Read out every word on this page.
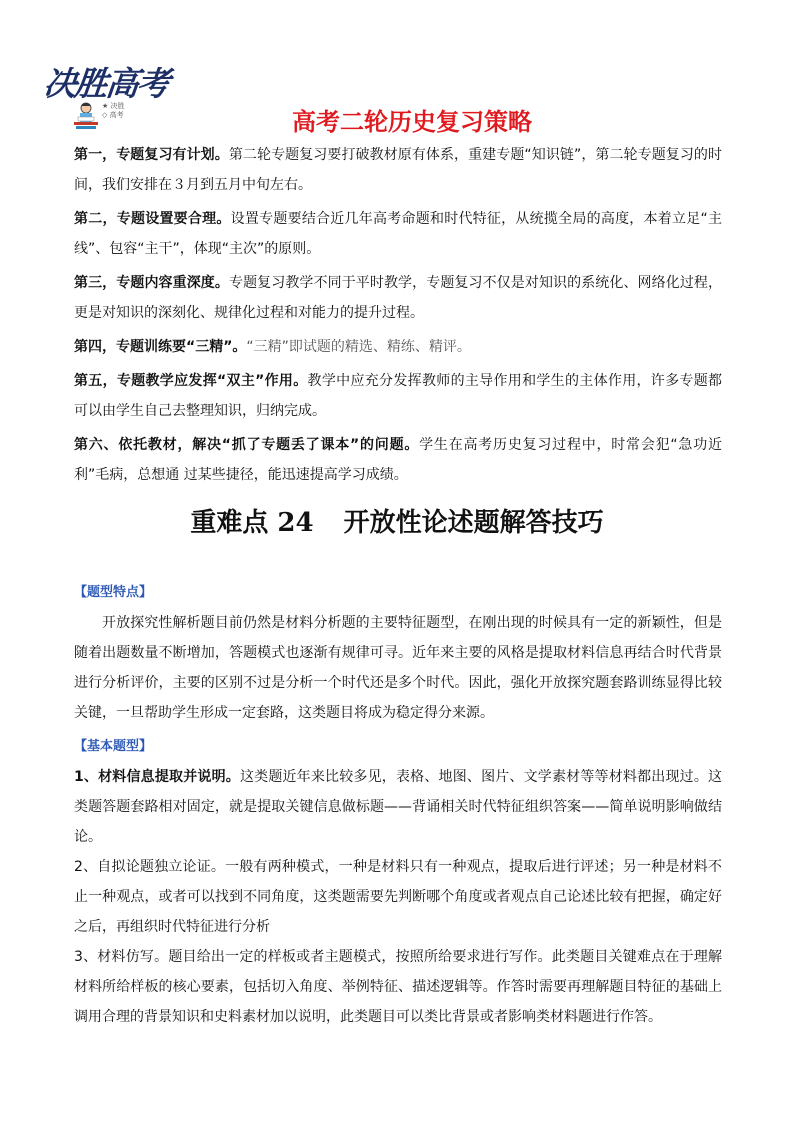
决胜高考
★ 决胜
◇ 高考	高考二轮历史复习策略

第一，专题复习有计划。第二轮专题复习要打破教材原有体系，重建专题“知识链”，第二轮专题复习的时间，我们安排在３月到五月中旬左右。

第二，专题设置要合理。设置专题要结合近几年高考命题和时代特征，从统揽全局的高度，本着立足“主线”、包容“主干”，体现“主次”的原则。

第三，专题内容重深度。专题复习教学不同于平时教学，专题复习不仅是对知识的系统化、网络化过程，更是对知识的深刻化、规律化过程和对能力的提升过程。

第四，专题训练要“三精”。“三精”即试题的精选、精练、精评。

第五，专题教学应发挥“双主”作用。教学中应充分发挥教师的主导作用和学生的主体作用，许多专题都可以由学生自己去整理知识，归纳完成。

第六、依托教材，解决“抓了专题丢了课本”的问题。学生在高考历史复习过程中，时常会犯“急功近利”毛病，总想通 过某些捷径，能迅速提高学习成绩。

重难点 24 开放性论述题解答技巧

【题型特点】

开放探究性解析题目前仍然是材料分析题的主要特征题型，在刚出现的时候具有一定的新颖性，但是随着出题数量不断增加，答题模式也逐渐有规律可寻。近年来主要的风格是提取材料信息再结合时代背景进行分析评价，主要的区别不过是分析一个时代还是多个时代。因此，强化开放探究题套路训练显得比较关键，一旦帮助学生形成一定套路，这类题目将成为稳定得分来源。

【基本题型】

1、材料信息提取并说明。这类题近年来比较多见，表格、地图、图片、文学素材等等材料都出现过。这类题答题套路相对固定，就是提取关键信息做标题——背诵相关时代特征组织答案——简单说明影响做结论。

2、自拟论题独立论证。一般有两种模式，一种是材料只有一种观点，提取后进行评述；另一种是材料不止一种观点，或者可以找到不同角度，这类题需要先判断哪个角度或者观点自己论述比较有把握，确定好之后，再组织时代特征进行分析

3、材料仿写。题目给出一定的样板或者主题模式，按照所给要求进行写作。此类题目关键难点在于理解材料所给样板的核心要素，包括切入角度、举例特征、描述逻辑等。作答时需要再理解题目特征的基础上调用合理的背景知识和史料素材加以说明，此类题目可以类比背景或者影响类材料题进行作答。
